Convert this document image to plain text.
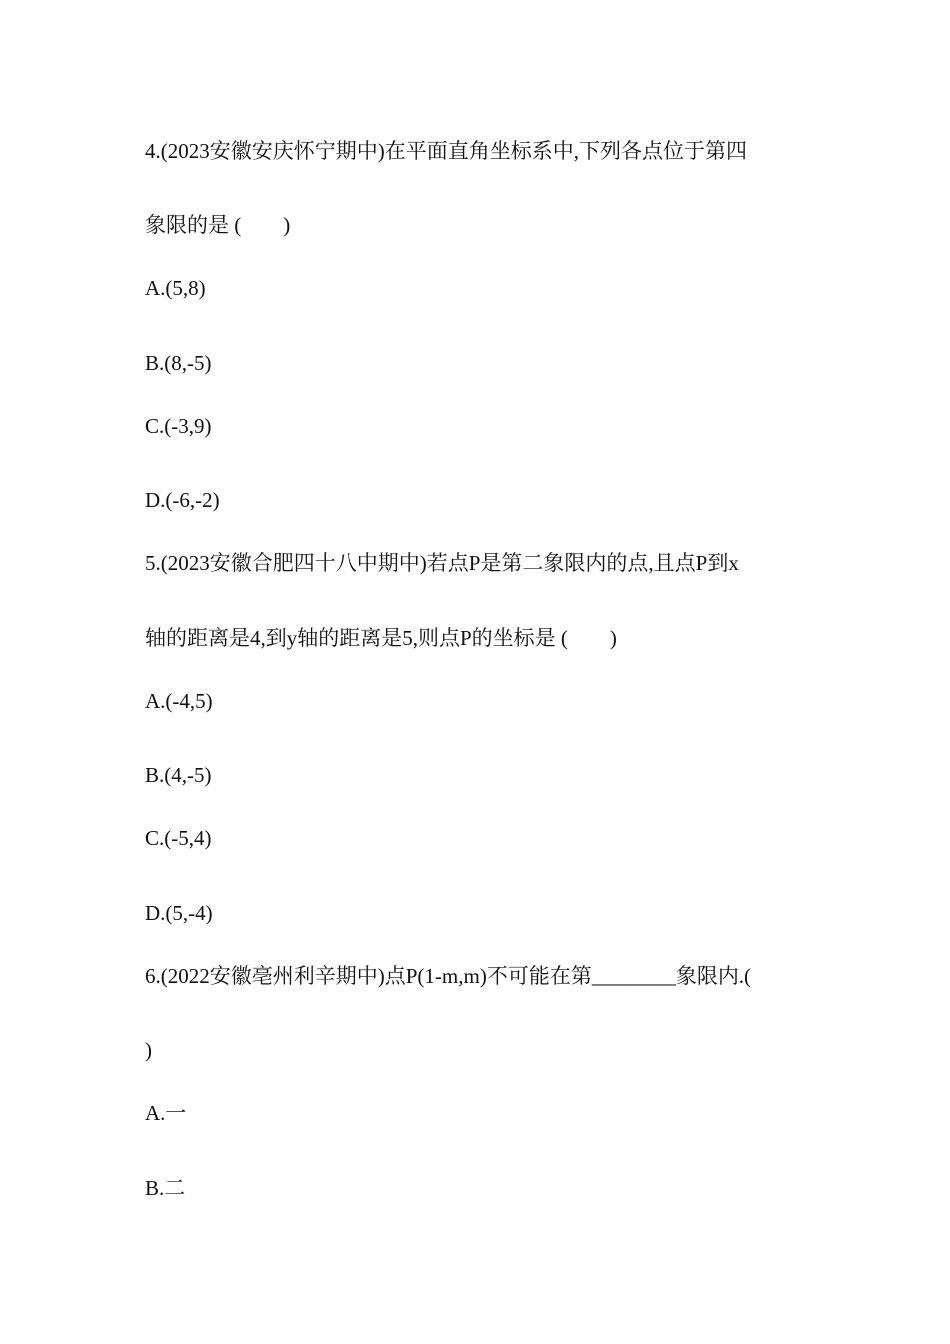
4.(2023安徽安庆怀宁期中)在平面直角坐标系中,下列各点位于第四

象限的是 (　　)

A.(5,8)

B.(8,-5)

C.(-3,9)

D.(-6,-2)

5.(2023安徽合肥四十八中期中)若点P是第二象限内的点,且点P到x

轴的距离是4,到y轴的距离是5,则点P的坐标是 (　　)

A.(-4,5)

B.(4,-5)

C.(-5,4)

D.(5,-4)

6.(2022安徽亳州利辛期中)点P(1-m,m)不可能在第________象限内.(

)

A.一

B.二
